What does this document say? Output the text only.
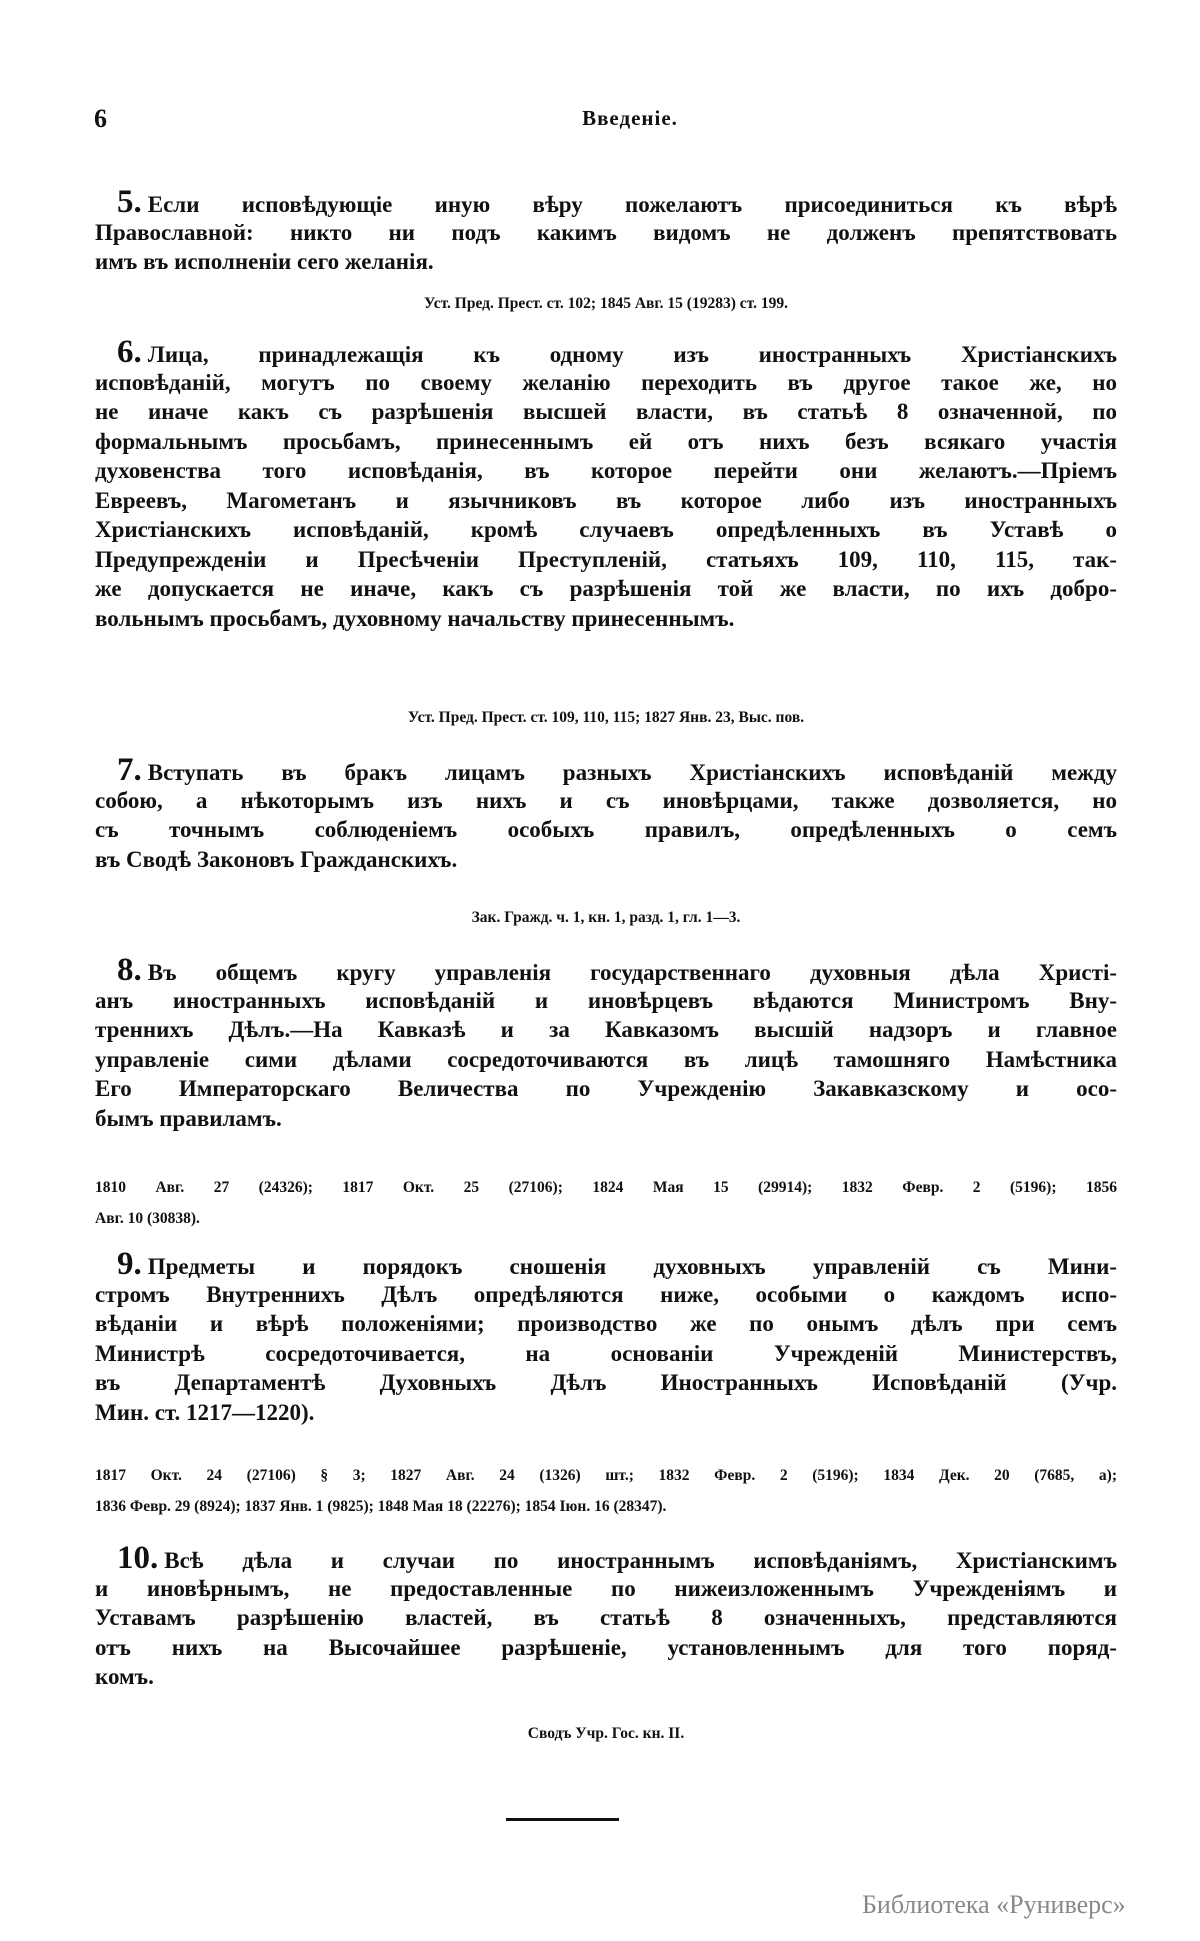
6	Введеніе.
5. Если исповѣдующіе иную вѣру пожелаютъ присоединиться къ вѣрѣ
Православной: никто ни подъ какимъ видомъ не долженъ препятствовать
имъ въ исполненіи сего желанія.
Уст. Пред. Прест. ст. 102; 1845 Авг. 15 (19283) ст. 199.
6. Лица, принадлежащія къ одному изъ иностранныхъ Христіанскихъ
исповѣданій, могутъ по своему желанію переходить въ другое такое же, но
не иначе какъ съ разрѣшенія высшей власти, въ статьѣ 8 означенной, по
формальнымъ просьбамъ, принесеннымъ ей отъ нихъ безъ всякаго участія
духовенства того исповѣданія, въ которое перейти они желаютъ.—Пріемъ
Евреевъ, Магометанъ и язычниковъ въ которое либо изъ иностранныхъ
Христіанскихъ исповѣданій, кромѣ случаевъ опредѣленныхъ въ Уставѣ о
Предупрежденіи и Пресѣченіи Преступленій, статьяхъ 109, 110, 115, так-
же допускается не иначе, какъ съ разрѣшенія той же власти, по ихъ добро-
вольнымъ просьбамъ, духовному начальству принесеннымъ.
Уст. Пред. Прест. ст. 109, 110, 115; 1827 Янв. 23, Выс. пов.
7. Вступать въ бракъ лицамъ разныхъ Христіанскихъ исповѣданій между
собою, а нѣкоторымъ изъ нихъ и съ иновѣрцами, также дозволяется, но
съ точнымъ соблюденіемъ особыхъ правилъ, опредѣленныхъ о семъ
въ Сводѣ Законовъ Гражданскихъ.
Зак. Гражд. ч. 1, кн. 1, разд. 1, гл. 1—3.
8. Въ общемъ кругу управленія государственнаго духовныя дѣла Христі-
анъ иностранныхъ исповѣданій и иновѣрцевъ вѣдаются Министромъ Вну-
треннихъ Дѣлъ.—На Кавказѣ и за Кавказомъ высшій надзоръ и главное
управленіе сими дѣлами сосредоточиваются въ лицѣ тамошняго Намѣстника
Его Императорскаго Величества по Учрежденію Закавказскому и осо-
бымъ правиламъ.
1810 Авг. 27 (24326); 1817 Окт. 25 (27106); 1824 Мая 15 (29914); 1832 Февр. 2 (5196); 1856
Авг. 10 (30838).
9. Предметы и порядокъ сношенія духовныхъ управленій съ Мини-
стромъ Внутреннихъ Дѣлъ опредѣляются ниже, особыми о каждомъ испо-
вѣданіи и вѣрѣ положеніями; производство же по онымъ дѣлъ при семъ
Министрѣ сосредоточивается, на основаніи Учрежденій Министерствъ,
въ Департаментѣ Духовныхъ Дѣлъ Иностранныхъ Исповѣданій (Учр.
Мин. ст. 1217—1220).
1817 Окт. 24 (27106) § 3; 1827 Авг. 24 (1326) шт.; 1832 Февр. 2 (5196); 1834 Дек. 20 (7685, а);
1836 Февр. 29 (8924); 1837 Янв. 1 (9825); 1848 Мая 18 (22276); 1854 Іюн. 16 (28347).
10. Всѣ дѣла и случаи по иностраннымъ исповѣданіямъ, Христіанскимъ
и иновѣрнымъ, не предоставленные по нижеизложеннымъ Учрежденіямъ и
Уставамъ разрѣшенію властей, въ статьѣ 8 означенныхъ, представляются
отъ нихъ на Высочайшее разрѣшеніе, установленнымъ для того поряд-
комъ.
Сводъ Учр. Гос. кн. II.
Библиотека «Руниверс»
